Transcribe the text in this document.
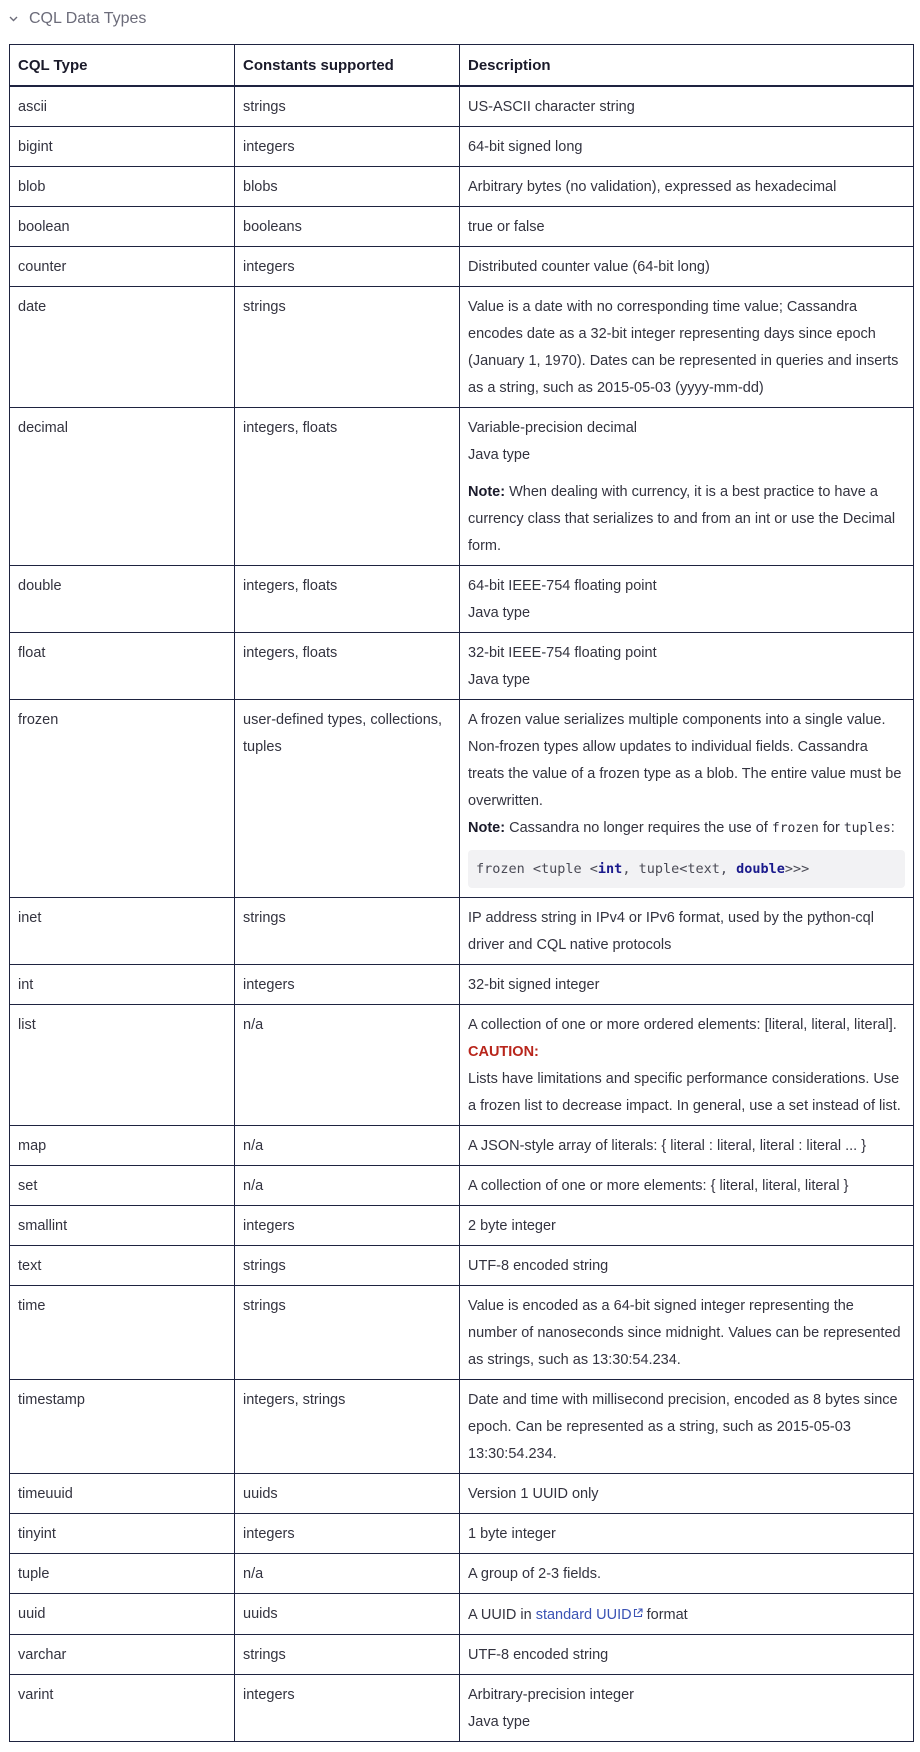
CQL Data Types
CQL Type	Constants supported	Description
ascii	strings	US-ASCII character string
bigint	integers	64-bit signed long
blob	blobs	Arbitrary bytes (no validation), expressed as hexadecimal
boolean	booleans	true or false
counter	integers	Distributed counter value (64-bit long)
date	strings	Value is a date with no corresponding time value; Cassandra encodes date as a 32-bit integer representing days since epoch (January 1, 1970). Dates can be represented in queries and inserts as a string, such as 2015-05-03 (yyyy-mm-dd)
decimal	integers, floats	Variable-precision decimal

Java type

Note: When dealing with currency, it is a best practice to have a currency class that serializes to and from an int or use the Decimal form.

double	integers, floats	64-bit IEEE-754 floating point

Java type

float	integers, floats	32-bit IEEE-754 floating point

Java type

frozen	user-defined types, collections, tuples	A frozen value serializes multiple components into a single value. Non-frozen types allow updates to individual fields. Cassandra treats the value of a frozen type as a blob. The entire value must be overwritten.

Note: Cassandra no longer requires the use of frozen for tuples:

frozen <tuple <int, tuple<text, double>>>

inet	strings	IP address string in IPv4 or IPv6 format, used by the python-cql driver and CQL native protocols
int	integers	32-bit signed integer
list	n/a	A collection of one or more ordered elements: [literal, literal, literal].

CAUTION:

Lists have limitations and specific performance considerations. Use a frozen list to decrease impact. In general, use a set instead of list.

map	n/a	A JSON-style array of literals: { literal : literal, literal : literal ... }
set	n/a	A collection of one or more elements: { literal, literal, literal }
smallint	integers	2 byte integer
text	strings	UTF-8 encoded string
time	strings	Value is encoded as a 64-bit signed integer representing the number of nanoseconds since midnight. Values can be represented as strings, such as 13:30:54.234.
timestamp	integers, strings	Date and time with millisecond precision, encoded as 8 bytes since epoch. Can be represented as a string, such as 2015-05-03 13:30:54.234.
timeuuid	uuids	Version 1 UUID only
tinyint	integers	1 byte integer
tuple	n/a	A group of 2-3 fields.
uuid	uuids	A UUID in standard UUID format
varchar	strings	UTF-8 encoded string
varint	integers	Arbitrary-precision integer

Java type
